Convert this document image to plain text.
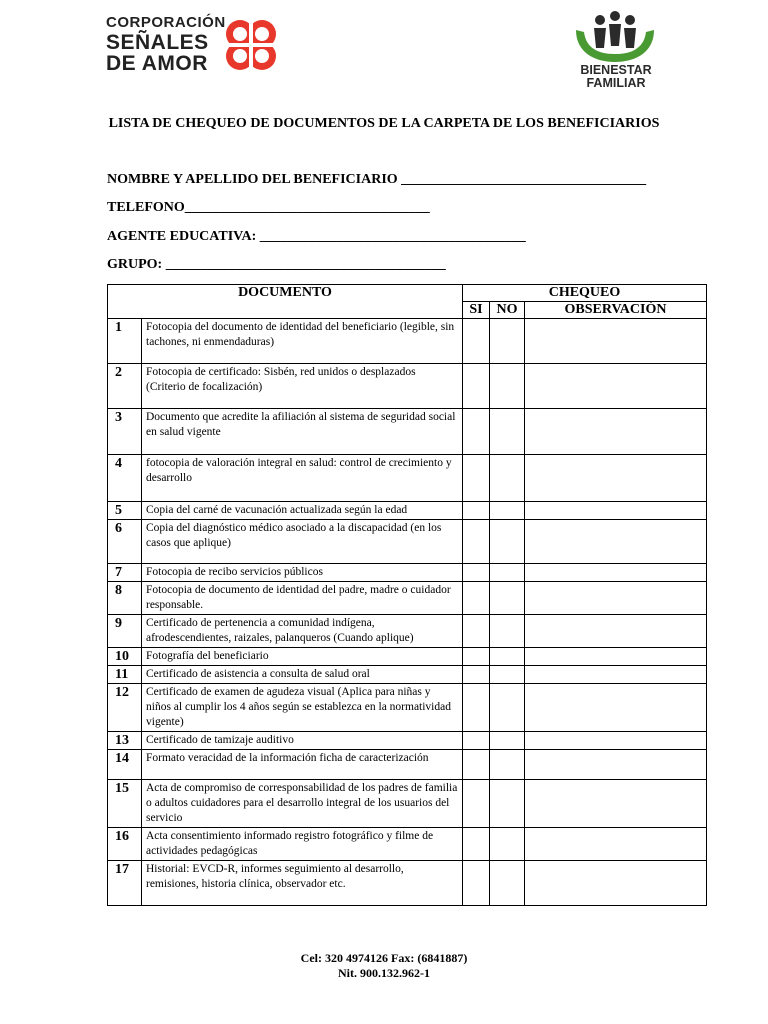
CORPORACIÓN
SEÑALES
DE AMOR	BIENESTAR
FAMILIAR
LISTA DE CHEQUEO DE DOCUMENTOS DE LA CARPETA DE LOS BENEFICIARIOS
NOMBRE Y APELLIDO DEL BENEFICIARIO ___________________________________
TELEFONO___________________________________
AGENTE EDUCATIVA: ______________________________________
GRUPO: ________________________________________
DOCUMENTO		CHEQUEO		
		SI	NO	OBSERVACIÓN
1	Fotocopia del documento de identidad del beneficiario (legible, sin tachones, ni enmendaduras)			
2	Fotocopia de certificado: Sisbén, red unidos o desplazados (Criterio de focalización)			
3	Documento que acredite la afiliación al sistema de seguridad social en salud vigente			
4	fotocopia de valoración integral en salud: control de crecimiento y desarrollo			
5	Copia del carné de vacunación actualizada según la edad			
6	Copia del diagnóstico médico asociado a la discapacidad (en los casos que aplique)			
7	Fotocopia de recibo servicios públicos			
8	Fotocopia de documento de identidad del padre, madre o cuidador responsable.			
9	Certificado de pertenencia a comunidad indígena, afrodescendientes, raizales, palanqueros (Cuando aplique)			
10	Fotografía del beneficiario			
11	Certificado de asistencia a consulta de salud oral			
12	Certificado de examen de agudeza visual (Aplica para niñas y niños al cumplir los 4 años según se establezca en la normatividad vigente)			
13	Certificado de tamizaje auditivo			
14	Formato veracidad de la información ficha de caracterización			
15	Acta de compromiso de corresponsabilidad de los padres de familia o adultos cuidadores para el desarrollo integral de los usuarios del servicio			
16	Acta consentimiento informado registro fotográfico y filme de actividades pedagógicas			
17	Historial: EVCD-R, informes seguimiento al desarrollo, remisiones, historia clínica, observador etc.			
Cel: 320 4974126 Fax: (6841887)
Nit. 900.132.962-1
